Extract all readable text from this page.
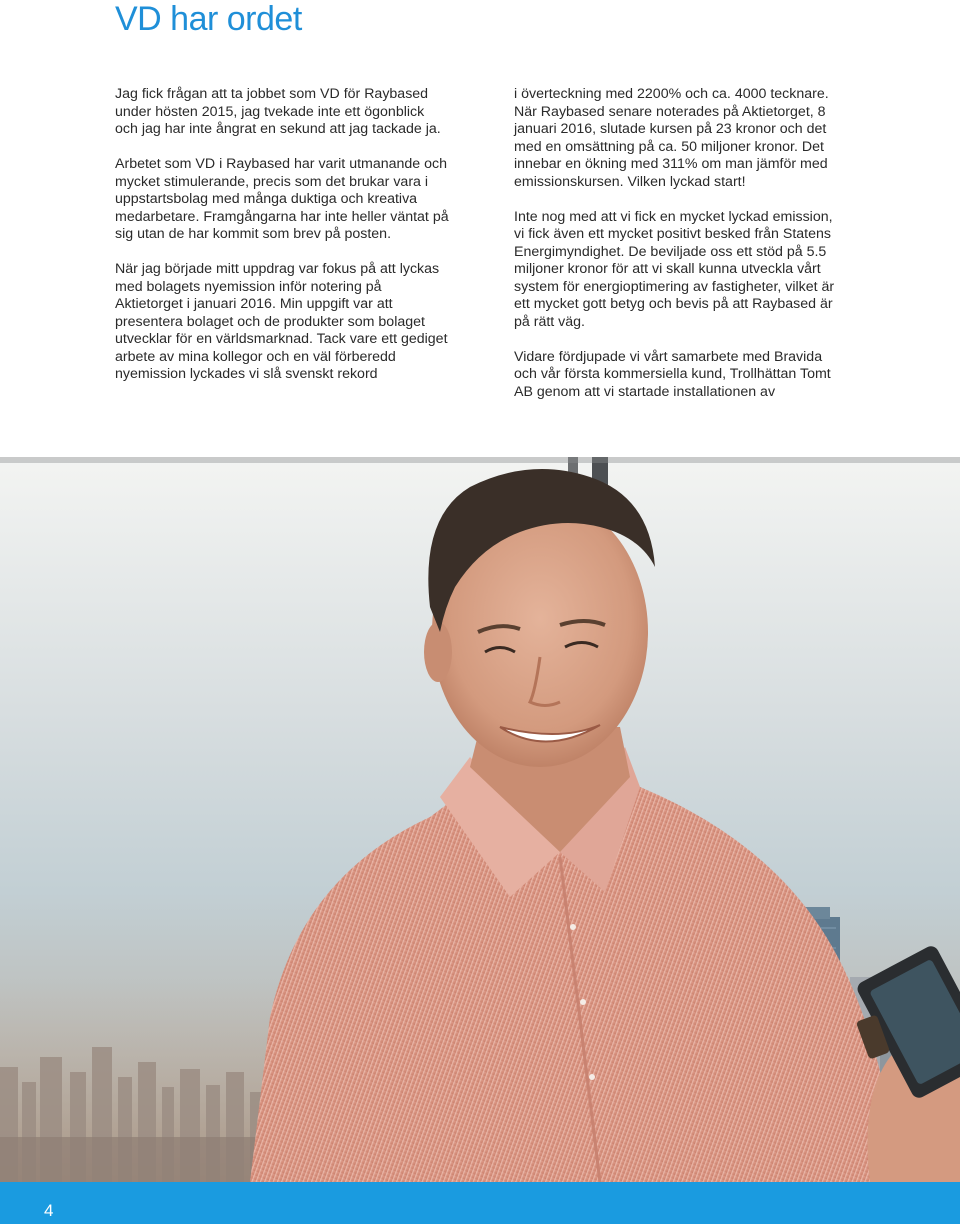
VD har ordet

Jag fick frågan att ta jobbet som VD för Raybased under hösten 2015, jag tvekade inte ett ögonblick och jag har inte ångrat en sekund att jag tackade ja.

Arbetet som VD i Raybased har varit utmanande och mycket stimulerande, precis som det brukar vara i uppstartsbolag med många duktiga och kreativa medarbetare. Framgångarna har inte heller väntat på sig utan de har kommit som brev på posten.

När jag började mitt uppdrag var fokus på att lyckas med bolagets nyemission inför notering på Aktietorget i januari 2016. Min uppgift var att presentera bolaget och de produkter som bolaget utvecklar för en världsmarknad. Tack vare ett gediget arbete av mina kollegor och en väl förberedd nyemission lyckades vi slå svenskt rekord

i överteckning med 2200% och ca. 4000 tecknare. När Raybased senare noterades på Aktietorget, 8 januari 2016, slutade kursen på 23 kronor och det med en omsättning på ca. 50 miljoner kronor. Det innebar en ökning med 311% om man jämför med emissionskursen. Vilken lyckad start!

Inte nog med att vi fick en mycket lyckad emission, vi fick även ett mycket positivt besked från Statens Energimyndighet. De beviljade oss ett stöd på 5.5 miljoner kronor för att vi skall kunna utveckla vårt system för energioptimering av fastigheter, vilket är ett mycket gott betyg och bevis på att Raybased är på rätt väg.

Vidare fördjupade vi vårt samarbete med Bravida och vår första kommersiella kund, Trollhättan Tomt AB genom att vi startade installationen av

4
